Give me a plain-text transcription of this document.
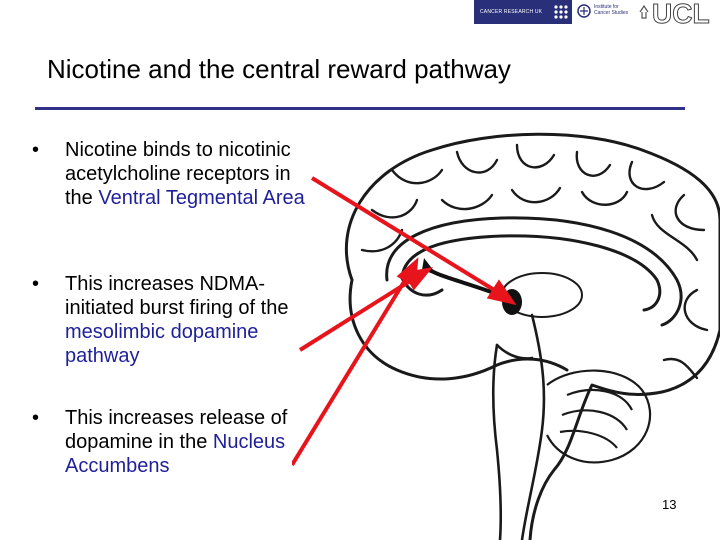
CANCER RESEARCH UK
Institute for
Cancer Studies UCL
Nicotine and the central reward pathway
• Nicotine binds to nicotinic acetylcholine receptors in the Ventral Tegmental Area
• This increases NDMA-initiated burst firing of the mesolimbic dopamine pathway
• This increases release of dopamine in the Nucleus Accumbens
13
